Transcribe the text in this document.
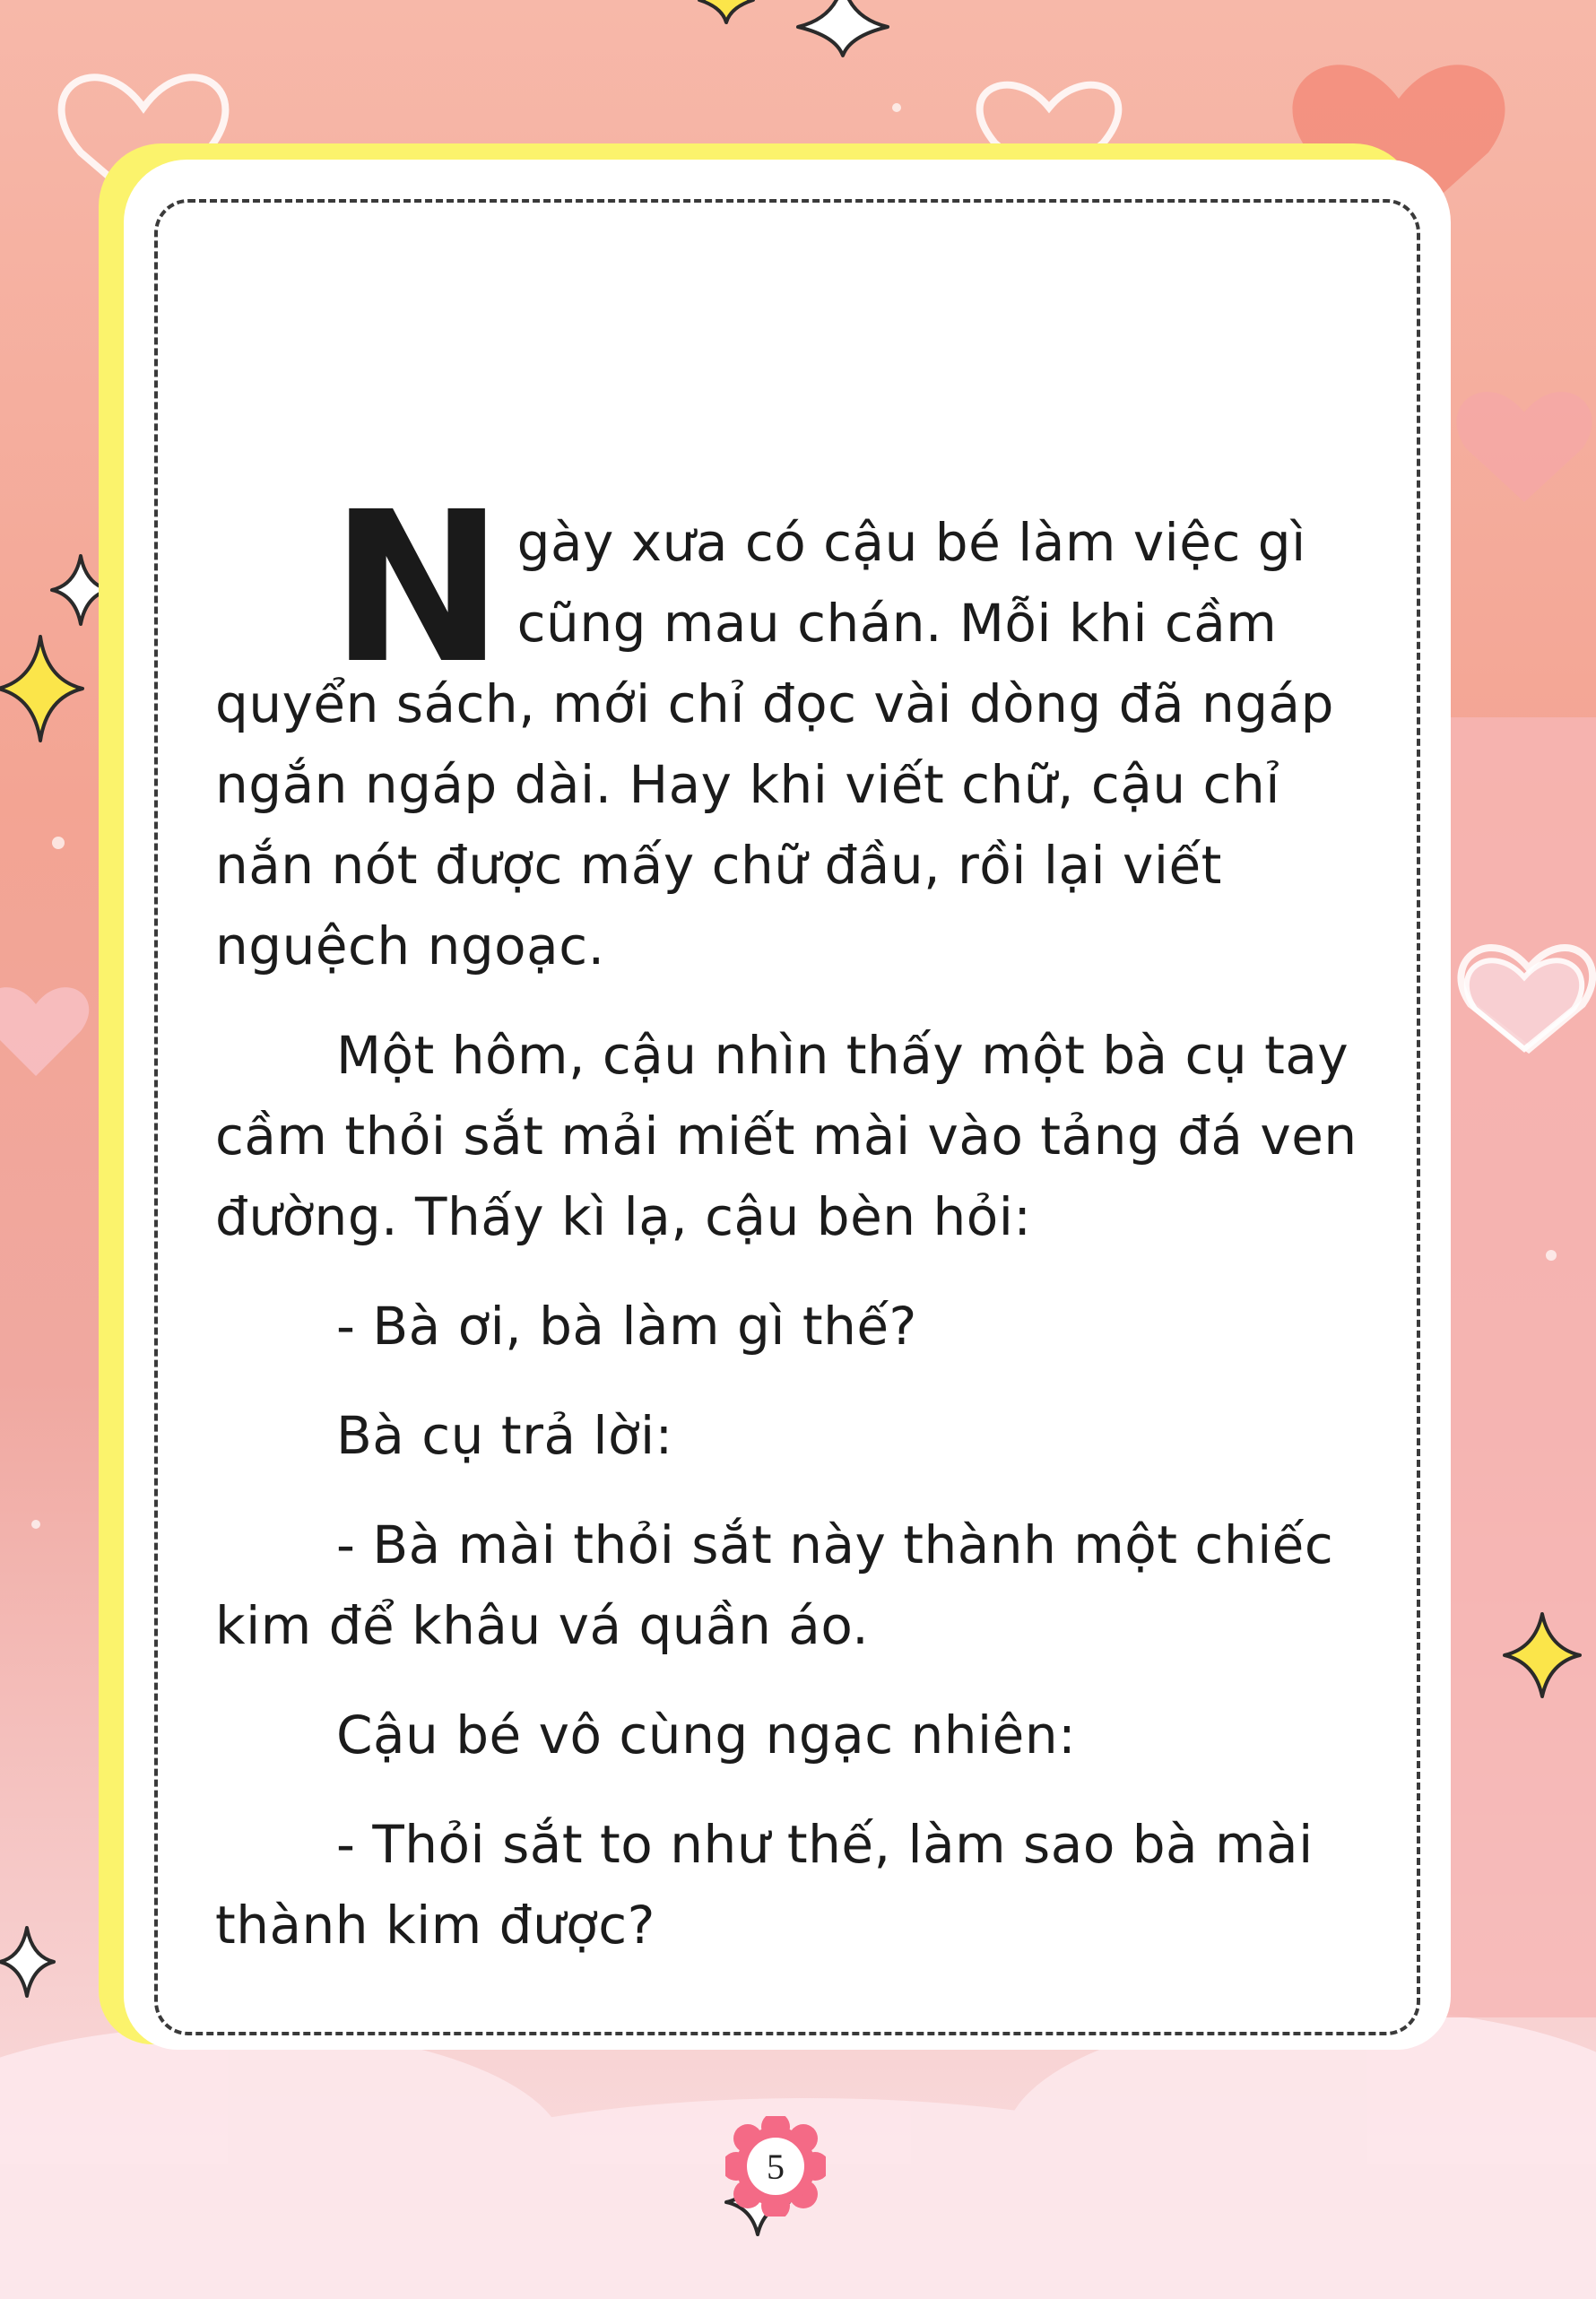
Ngày xưa có cậu bé làm việc gì cũng mau chán. Mỗi khi cầm quyển sách, mới chỉ đọc vài dòng đã ngáp ngắn ngáp dài. Hay khi viết chữ, cậu chỉ nắn nót được mấy chữ đầu, rồi lại viết nguệch ngoạc.

Một hôm, cậu nhìn thấy một bà cụ tay cầm thỏi sắt mải miết mài vào tảng đá ven đường. Thấy kì lạ, cậu bèn hỏi:

- Bà ơi, bà làm gì thế?

Bà cụ trả lời:

- Bà mài thỏi sắt này thành một chiếc kim để khâu vá quần áo.

Cậu bé vô cùng ngạc nhiên:

- Thỏi sắt to như thế, làm sao bà mài thành kim được?

5
